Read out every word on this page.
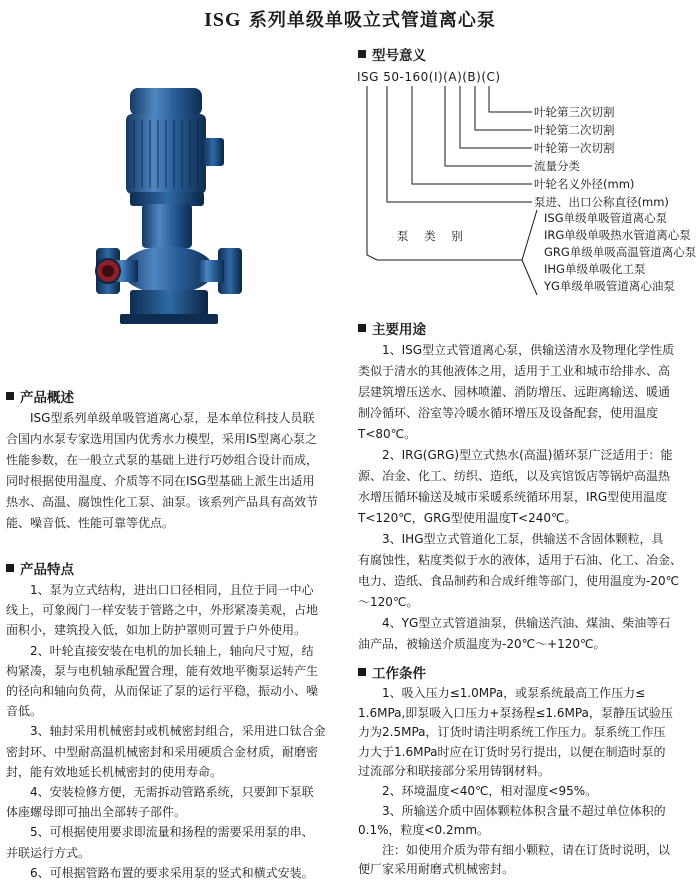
ISG 系列单级单吸立式管道离心泵
型号意义
ISG 50-160(I)(A)(B)(C)
叶轮第三次切割
叶轮第二次切割
叶轮第一次切割
流量分类
叶轮名义外径(mm)
泵进、出口公称直径(mm)
泵 类 别
ISG单级单吸管道离心泵
IRG单级单吸热水管道离心泵
GRG单级单吸高温管道离心泵
IHG单级单吸化工泵
YG单级单吸管道离心油泵
产品概述
ISG型系列单级单吸管道离心泵，是本单位科技人员联
合国内水泵专家选用国内优秀水力模型，采用IS型离心泵之
性能参数，在一般立式泵的基础上进行巧妙组合设计而成，
同时根据使用温度、介质等不同在ISG型基础上派生出适用
热水、高温、腐蚀性化工泵、油泵。该系列产品具有高效节
能、噪音低、性能可靠等优点。
产品特点
1、泵为立式结构，进出口口径相同，且位于同一中心
线上，可象阀门一样安装于管路之中，外形紧凑美观，占地
面积小，建筑投入低，如加上防护罩则可置于户外使用。
2、叶轮直接安装在电机的加长轴上，轴向尺寸短，结
构紧凑，泵与电机轴承配置合理，能有效地平衡泵运转产生
的径向和轴向负荷，从而保证了泵的运行平稳，振动小、噪
音低。
3、轴封采用机械密封或机械密封组合，采用进口钛合金
密封环、中型耐高温机械密封和采用硬质合金材质，耐磨密
封，能有效地延长机械密封的使用寿命。
4、安装检修方便，无需拆动管路系统，只要卸下泵联
体座螺母即可抽出全部转子部件。
5、可根据使用要求即流量和扬程的需要采用泵的串、
并联运行方式。
6、可根据管路布置的要求采用泵的竖式和横式安装。
主要用途
1、ISG型立式管道离心泵，供输送清水及物理化学性质
类似于清水的其他液体之用，适用于工业和城市给排水、高
层建筑增压送水、园林喷灌、消防增压、远距离输送、暖通
制冷循环、浴室等冷暖水循环增压及设备配套，使用温度
T<80℃。
2、IRG(GRG)型立式热水(高温)循环泵广泛适用于：能
源、冶金、化工、纺织、造纸，以及宾馆饭店等锅炉高温热
水增压循环输送及城市采暖系统循环用泵，IRG型使用温度
T<120℃，GRG型使用温度T<240℃。
3、IHG型立式管道化工泵，供输送不含固体颗粒，具
有腐蚀性，粘度类似于水的液体，适用于石油、化工、冶金、
电力、造纸、食品制药和合成纤维等部门，使用温度为-20℃
～120℃。
4、YG型立式管道油泵，供输送汽油、煤油、柴油等石
油产品，被输送介质温度为-20℃～+120℃。
工作条件
1、吸入压力≤1.0MPa，或泵系统最高工作压力≤
1.6MPa,即泵吸入口压力+泵扬程≤1.6MPa，泵静压试验压
力为2.5MPa，订货时请注明系统工作压力。泵系统工作压
力大于1.6MPa时应在订货时另行提出，以便在制造时泵的
过流部分和联接部分采用铸钢材料。
2、环境温度<40℃，相对湿度<95%。
3、所输送介质中固体颗粒体积含量不超过单位体积的
0.1%，粒度<0.2mm。
注：如使用介质为带有细小颗粒，请在订货时说明，以
便厂家采用耐磨式机械密封。
